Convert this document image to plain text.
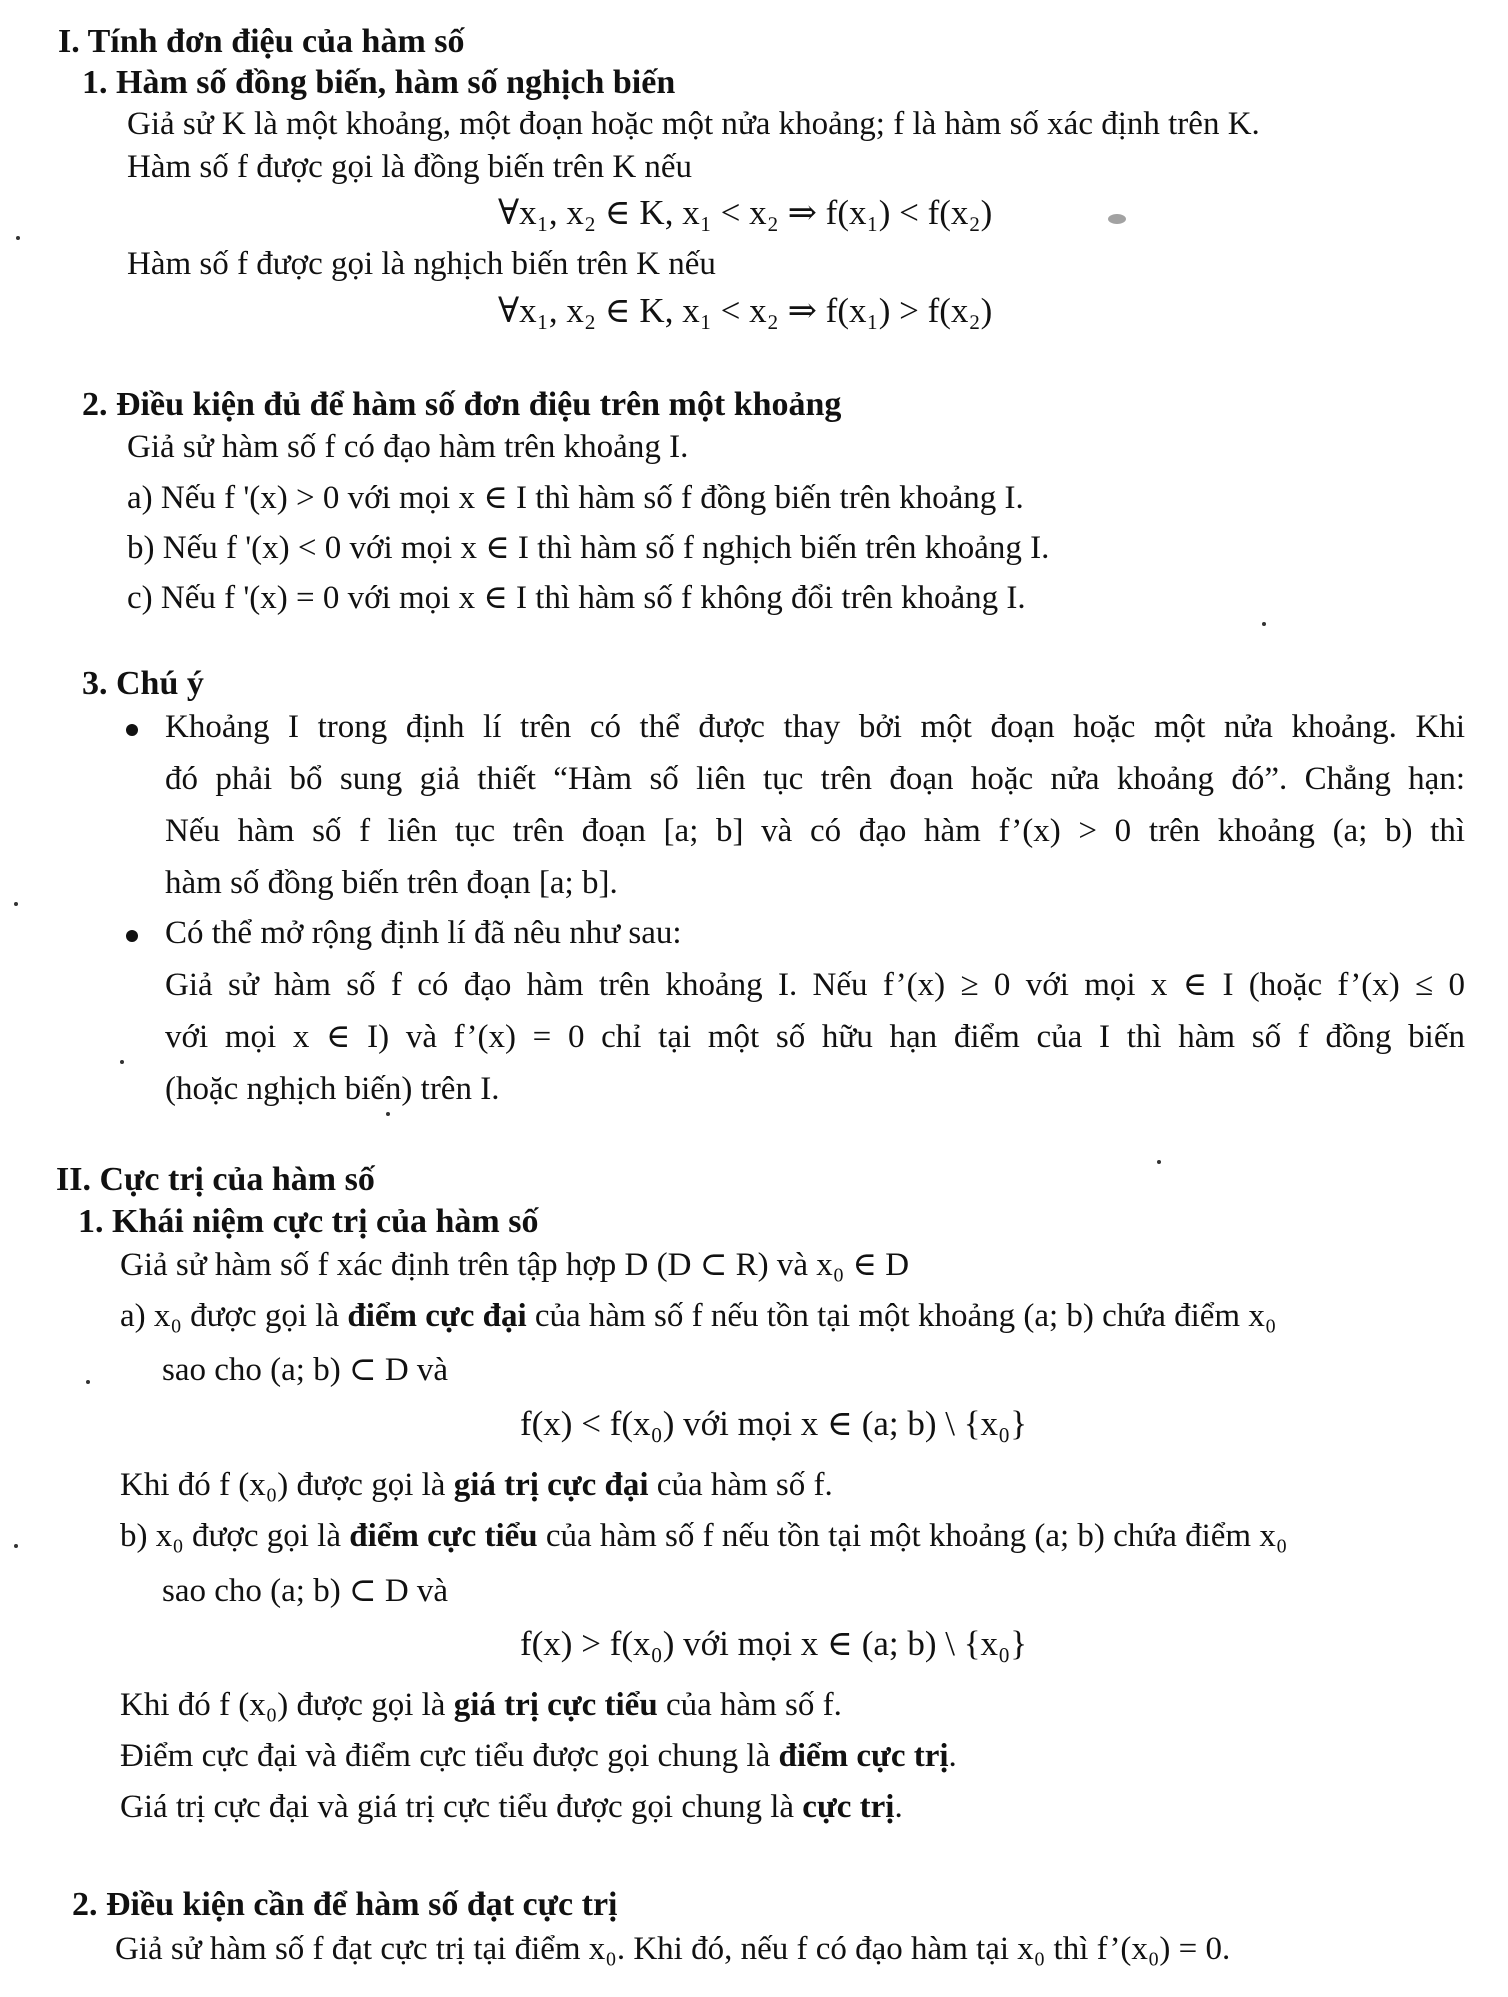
I. Tính đơn điệu của hàm số
1. Hàm số đồng biến, hàm số nghịch biến
Giả sử K là một khoảng, một đoạn hoặc một nửa khoảng; f là hàm số xác định trên K.
Hàm số f được gọi là đồng biến trên K nếu
∀x₁, x₂ ∈ K, x₁ < x₂ ⇒ f(x₁) < f(x₂)
Hàm số f được gọi là nghịch biến trên K nếu
∀x₁, x₂ ∈ K, x₁ < x₂ ⇒ f(x₁) > f(x₂)
2. Điều kiện đủ để hàm số đơn điệu trên một khoảng
Giả sử hàm số f có đạo hàm trên khoảng I.
a) Nếu f '(x) > 0 với mọi x ∈ I thì hàm số f đồng biến trên khoảng I.
b) Nếu f '(x) < 0 với mọi x ∈ I thì hàm số f nghịch biến trên khoảng I.
c) Nếu f '(x) = 0 với mọi x ∈ I thì hàm số f không đổi trên khoảng I.
3. Chú ý
Khoảng I trong định lí trên có thể được thay bởi một đoạn hoặc một nửa khoảng. Khi
đó phải bổ sung giả thiết “Hàm số liên tục trên đoạn hoặc nửa khoảng đó”. Chẳng hạn:
Nếu hàm số f liên tục trên đoạn [a; b] và có đạo hàm f’(x) > 0 trên khoảng (a; b) thì
hàm số đồng biến trên đoạn [a; b].
Có thể mở rộng định lí đã nêu như sau:
Giả sử hàm số f có đạo hàm trên khoảng I. Nếu f’(x) ≥ 0 với mọi x ∈ I (hoặc f’(x) ≤ 0
với mọi x ∈ I) và f’(x) = 0 chỉ tại một số hữu hạn điểm của I thì hàm số f đồng biến
(hoặc nghịch biến) trên I.
II. Cực trị của hàm số
1. Khái niệm cực trị của hàm số
Giả sử hàm số f xác định trên tập hợp D (D ⊂ R) và x₀ ∈ D
a) x₀ được gọi là điểm cực đại của hàm số f nếu tồn tại một khoảng (a; b) chứa điểm x₀
sao cho (a; b) ⊂ D và
f(x) < f(x₀) với mọi x ∈ (a; b) \ {x₀}
Khi đó f (x₀) được gọi là giá trị cực đại của hàm số f.
b) x₀ được gọi là điểm cực tiểu của hàm số f nếu tồn tại một khoảng (a; b) chứa điểm x₀
sao cho (a; b) ⊂ D và
f(x) > f(x₀) với mọi x ∈ (a; b) \ {x₀}
Khi đó f (x₀) được gọi là giá trị cực tiểu của hàm số f.
Điểm cực đại và điểm cực tiểu được gọi chung là điểm cực trị.
Giá trị cực đại và giá trị cực tiểu được gọi chung là cực trị.
2. Điều kiện cần để hàm số đạt cực trị
Giả sử hàm số f đạt cực trị tại điểm x₀. Khi đó, nếu f có đạo hàm tại x₀ thì f’(x₀) = 0.
